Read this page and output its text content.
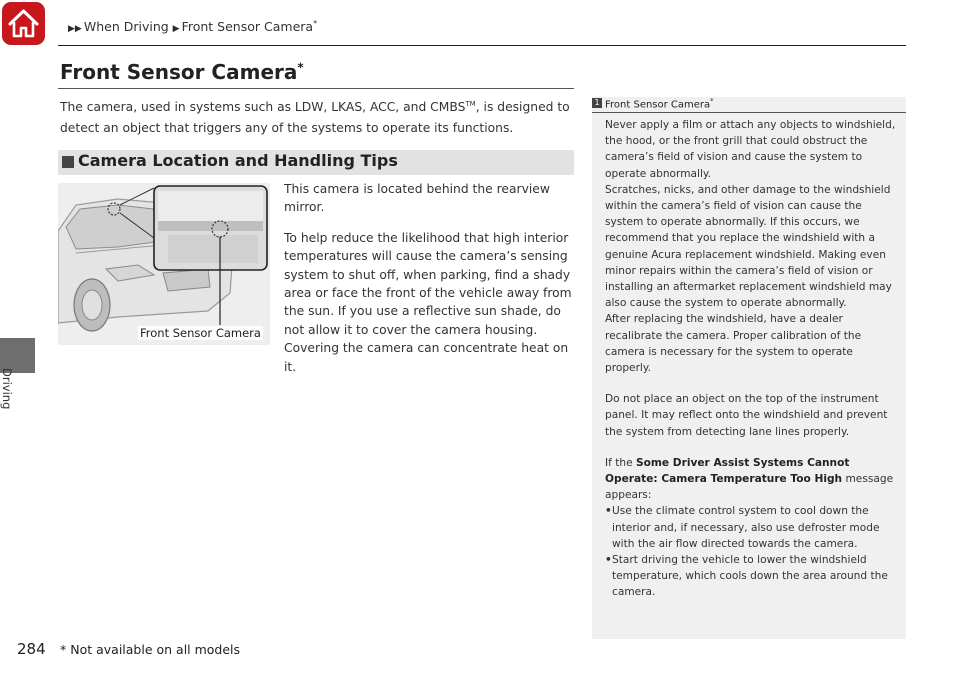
▶▶ When Driving ▶ Front Sensor Camera*
Driving
Front Sensor Camera*
The camera, used in systems such as LDW, LKAS, ACC, and CMBS™, is designed to detect an object that triggers any of the systems to operate its functions.
Camera Location and Handling Tips
Front Sensor Camera

This camera is located behind the rearview mirror.

To help reduce the likelihood that high interior temperatures will cause the camera’s sensing system to shut off, when parking, find a shady area or face the front of the vehicle away from the sun. If you use a reflective sun shade, do not allow it to cover the camera housing. Covering the camera can concentrate heat on it.

1 Front Sensor Camera*

Never apply a film or attach any objects to windshield, the hood, or the front grill that could obstruct the camera’s field of vision and cause the system to operate abnormally.

Scratches, nicks, and other damage to the windshield within the camera’s field of vision can cause the system to operate abnormally. If this occurs, we recommend that you replace the windshield with a genuine Acura replacement windshield. Making even minor repairs within the camera’s field of vision or installing an aftermarket replacement windshield may also cause the system to operate abnormally.

After replacing the windshield, have a dealer recalibrate the camera. Proper calibration of the camera is necessary for the system to operate properly.

Do not place an object on the top of the instrument panel. It may reflect onto the windshield and prevent the system from detecting lane lines properly.

If the Some Driver Assist Systems Cannot Operate: Camera Temperature Too High message appears:

• Use the climate control system to cool down the interior and, if necessary, also use defroster mode with the air flow directed towards the camera.
• Start driving the vehicle to lower the windshield temperature, which cools down the area around the camera.
284 * Not available on all models
